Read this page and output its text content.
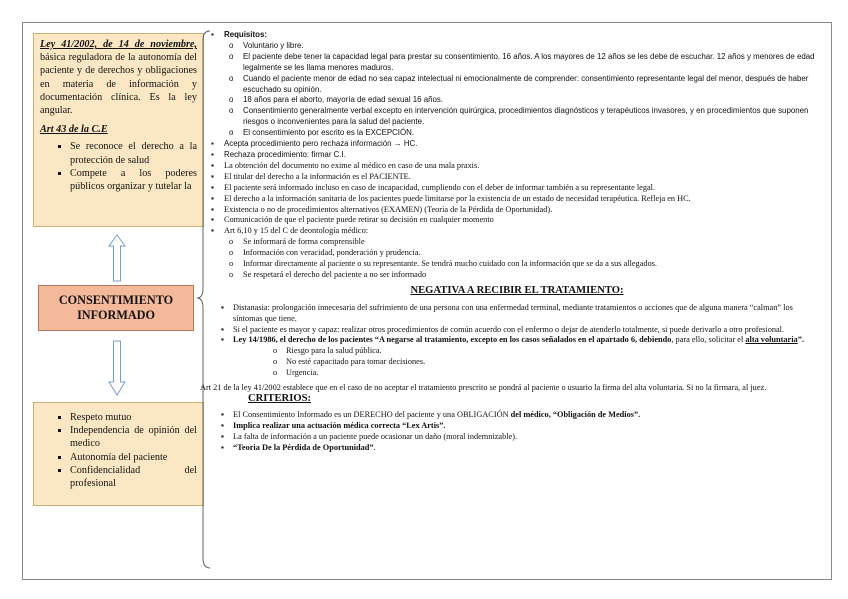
Ley 41/2002, de 14 de noviembre, básica reguladora de la autonomía del paciente y de derechos y obligaciones en materia de información y documentación clínica. Es la ley angular.

Art 43 de la C.E

▪ Se reconoce el derecho a la protección de salud
▪ Compete a los poderes públicos organizar y tutelar la
CONSENTIMIENTO INFORMADO
▪ Respeto mutuo
▪ Independencia de opinión del medico
▪ Autonomía del paciente
▪ Confidencialidad del profesional
▪ Requisitos:
o Voluntario y libre.
o El paciente debe tener la capacidad legal para prestar su consentimiento. 16 años. A los mayores de 12 años se les debe de escuchar. 12 años y menores de edad legalmente se les llama menores maduros.
o Cuando el paciente menor de edad no sea capaz intelectual ni emocionalmente de comprender: consentimiento representante legal del menor, después de haber escuchado su opinión.
o 18 años para el aborto, mayoría de edad sexual 16 años.
o Consentimiento generalmente verbal excepto en intervención quirúrgica, procedimientos diagnósticos y terapéuticos invasores, y en procedimientos que suponen riesgos o inconvenientes para la salud del paciente.
o El consentimiento por escrito es la EXCEPCIÓN.
▪ Acepta procedimiento pero rechaza información → HC.
▪ Rechaza procedimiento: firmar C.I.
▪ La obtención del documento no exime al médico en caso de una mala praxis.
▪ El titular del derecho a la información es el PACIENTE.
▪ El paciente será informado incluso en caso de incapacidad, cumpliendo con el deber de informar también a su representante legal.
▪ El derecho a la información sanitaria de los pacientes puede limitarse por la existencia de un estado de necesidad terapéutica. Refleja en HC.
▪ Existencia o no de procedimientos alternativos (EXAMEN) (Teoría de la Pérdida de Oportunidad).
▪ Comunicación de que el paciente puede retirar su decisión en cualquier momento
▪ Art 6,10 y 15 del C de deontología médico:
o Se informará de forma comprensible
o Información con veracidad, ponderación y prudencia.
o Informar directamente al paciente o su representante. Se tendrá mucho cuidado con la información que se da a sus allegados.
o Se respetará el derecho del paciente a no ser informado
NEGATIVA A RECIBIR EL TRATAMIENTO:
▪ Distanasia: prolongación innecesaria del sufrimiento de una persona con una enfermedad terminal, mediante tratamientos o acciones que de alguna manera “calman” los síntomas que tiene.
▪ Si el paciente es mayor y capaz: realizar otros procedimientos de común acuerdo con el enfermo o dejar de atenderlo totalmente, si puede derivarlo a otro profesional.
▪ Ley 14/1986, el derecho de los pacientes “A negarse al tratamiento, excepto en los casos señalados en el apartado 6, debiendo, para ello, solicitar el alta voluntaria”.
o Riesgo para la salud pública.
o No esté capacitado para tomar decisiones.
o Urgencia.

Art 21 de la ley 41/2002 establece que en el caso de no aceptar el tratamiento prescrito se pondrá al paciente o usuario la firma del alta voluntaria. Si no la firmara, al juez. CRITERIOS:

▪ El Consentimiento Informado es un DERECHO del paciente y una OBLIGACIÓN del médico, “Obligación de Medios”.
▪ Implica realizar una actuación médica correcta “Lex Artis”.
▪ La falta de información a un paciente puede ocasionar un daño (moral indemnizable).
▪ “Teoria De la Pérdida de Oportunidad”.
